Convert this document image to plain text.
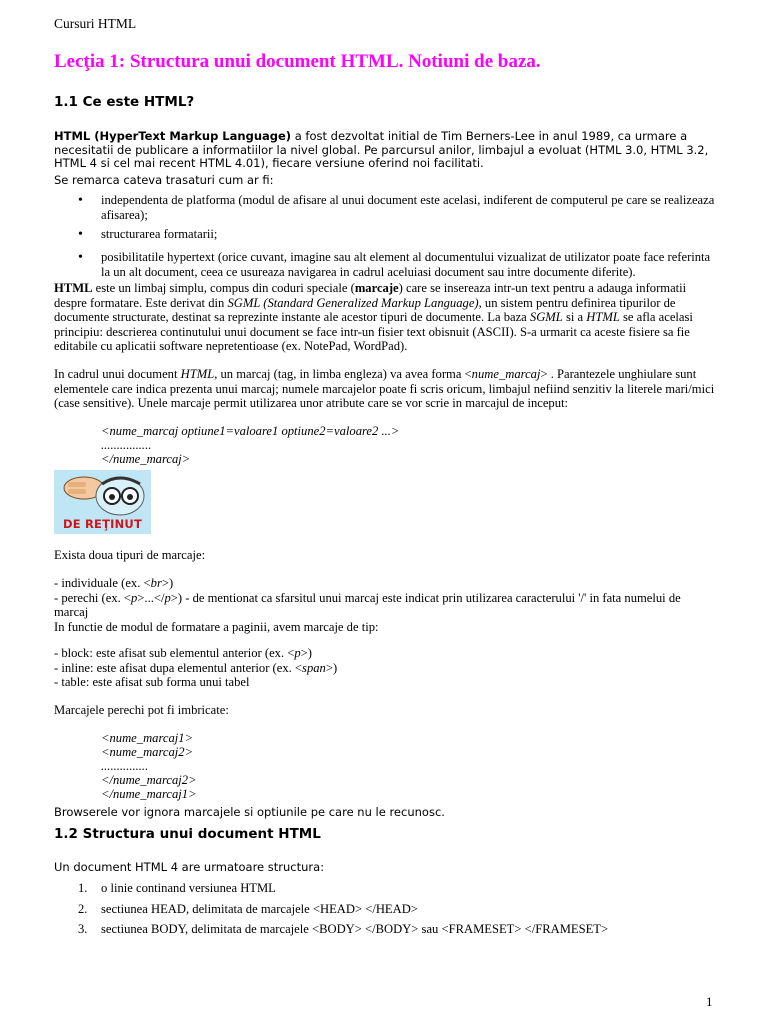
Cursuri HTML
Lecţia 1: Structura unui document HTML. Notiuni de baza.
1.1 Ce este HTML?
HTML (HyperText Markup Language) a fost dezvoltat initial de Tim Berners-Lee in anul 1989, ca urmare a necesitatii de publicare a informatiilor la nivel global. Pe parcursul anilor, limbajul a evoluat (HTML 3.0, HTML 3.2, HTML 4 si cel mai recent HTML 4.01), fiecare versiune oferind noi facilitati.
Se remarca cateva trasaturi cum ar fi:
• independenta de platforma (modul de afisare al unui document este acelasi, indiferent de computerul pe care se realizeaza afisarea);
• structurarea formatarii;
• posibilitatile hypertext (orice cuvant, imagine sau alt element al documentului vizualizat de utilizator poate face referinta la un alt document, ceea ce usureaza navigarea in cadrul aceluiasi document sau intre documente diferite).
HTML este un limbaj simplu, compus din coduri speciale (marcaje) care se insereaza intr-un text pentru a adauga informatii despre formatare. Este derivat din SGML (Standard Generalized Markup Language), un sistem pentru definirea tipurilor de documente structurate, destinat sa reprezinte instante ale acestor tipuri de documente. La baza SGML si a HTML se afla acelasi principiu: descrierea continutului unui document se face intr-un fisier text obisnuit (ASCII). S-a urmarit ca aceste fisiere sa fie editabile cu aplicatii software nepretentioase (ex. NotePad, WordPad).
In cadrul unui document HTML, un marcaj (tag, in limba engleza) va avea forma <nume_marcaj> . Parantezele unghiulare sunt elementele care indica prezenta unui marcaj; numele marcajelor poate fi scris oricum, limbajul nefiind senzitiv la literele mari/mici (case sensitive). Unele marcaje permit utilizarea unor atribute care se vor scrie in marcajul de inceput:
<nume_marcaj optiune1=valoare1 optiune2=valoare2 ...>
................
</nume_marcaj>
DE REŢINUT
Exista doua tipuri de marcaje:
- individuale (ex. <br>)
- perechi (ex. <p>...</p>) - de mentionat ca sfarsitul unui marcaj este indicat prin utilizarea caracterului '/' in fata numelui de marcaj
In functie de modul de formatare a paginii, avem marcaje de tip:
- block: este afisat sub elementul anterior (ex. <p>)
- inline: este afisat dupa elementul anterior (ex. <span>)
- table: este afisat sub forma unui tabel
Marcajele perechi pot fi imbricate:
<nume_marcaj1>
<nume_marcaj2>
...............
</nume_marcaj2>
</nume_marcaj1>
Browserele vor ignora marcajele si optiunile pe care nu le recunosc.
1.2 Structura unui document HTML
Un document HTML 4 are urmatoare structura:
1. o linie continand versiunea HTML
2. sectiunea HEAD, delimitata de marcajele <HEAD> </HEAD>
3. sectiunea BODY, delimitata de marcajele <BODY> </BODY> sau <FRAMESET> </FRAMESET>
1
